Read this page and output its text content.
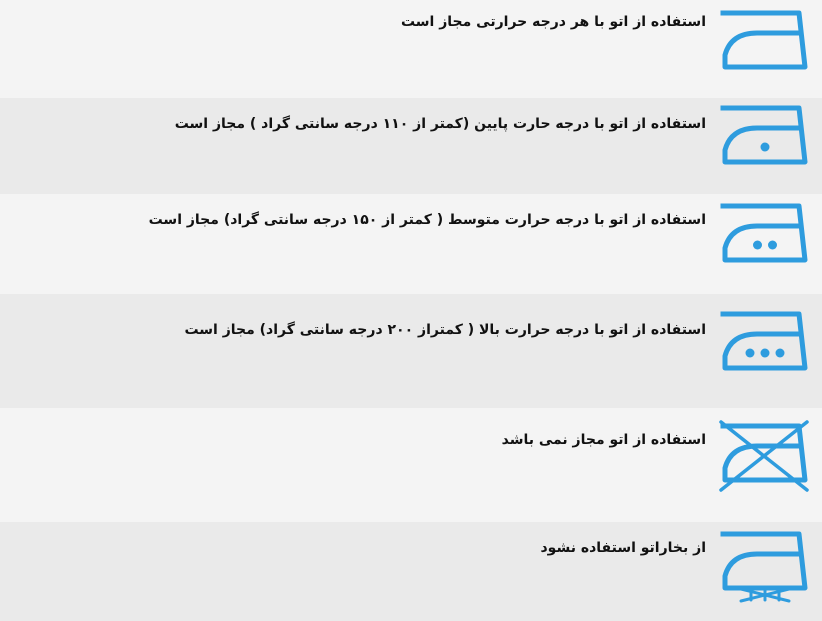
استفاده از اتو با هر درجه حرارتی مجاز است
استفاده از اتو با درجه حارت پایین (کمتر از ۱۱۰ درجه سانتی گراد ) مجاز است
استفاده از اتو با درجه حرارت متوسط ( کمتر از ۱۵۰ درجه سانتی گراد) مجاز است
استفاده از اتو با درجه حرارت بالا ( کمتراز ۲۰۰ درجه سانتی گراد) مجاز است
استفاده از اتو مجاز نمی باشد
از بخاراتو استفاده نشود
